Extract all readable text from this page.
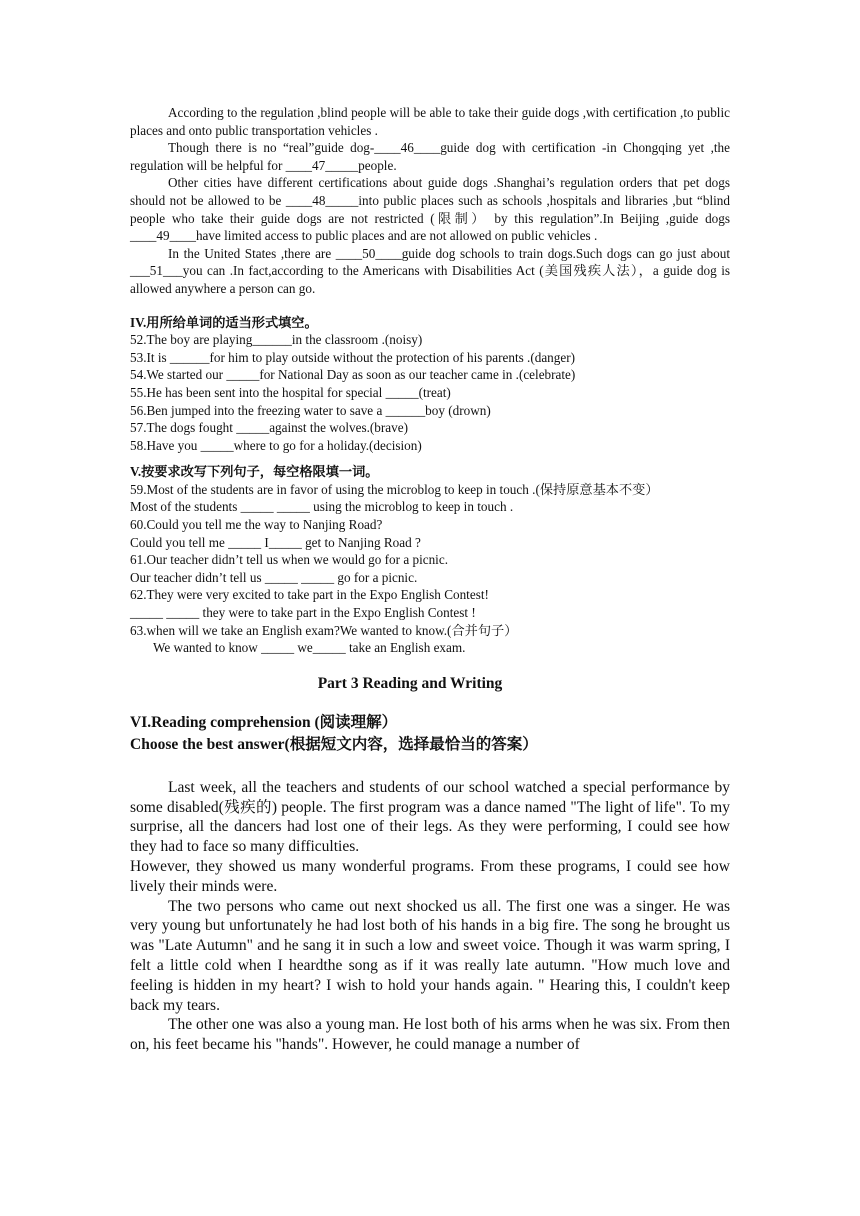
According to the regulation ,blind people will be able to take their guide dogs ,with certification ,to public places and onto public transportation vehicles .

Though there is no “real”guide dog-____46____guide dog with certification -in Chongqing yet ,the regulation will be helpful for ____47_____people.

Other cities have different certifications about guide dogs .Shanghai’s regulation orders that pet dogs should not be allowed to be ____48_____into public places such as schools ,hospitals and libraries ,but “blind people who take their guide dogs are not restricted (限制） by this regulation”.In Beijing ,guide dogs ____49____have limited access to public places and are not allowed on public vehicles .

In the United States ,there are ____50____guide dog schools to train dogs.Such dogs can go just about ___51___you can .In fact,according to the Americans with Disabilities Act (美国残疾人法），a guide dog is allowed anywhere a person can go.

IV.用所给单词的适当形式填空。

52.The boy are playing______in the classroom .(noisy)

53.It is ______for him to play outside without the protection of his parents .(danger)

54.We started our _____for National Day as soon as our teacher came in .(celebrate)

55.He has been sent into the hospital for special _____(treat)

56.Ben jumped into the freezing water to save a ______boy (drown)

57.The dogs fought _____against the wolves.(brave)

58.Have you _____where to go for a holiday.(decision)

V.按要求改写下列句子，每空格限填一词。

59.Most of the students are in favor of using the microblog to keep in touch .(保持原意基本不变）

Most of the students _____ _____ using the microblog to keep in touch .

60.Could you tell me the way to Nanjing Road?

Could you tell me _____ I_____ get to Nanjing Road ?

61.Our teacher didn’t tell us when we would go for a picnic.

Our teacher didn’t tell us _____ _____ go for a picnic.

62.They were very excited to take part in the Expo English Contest!

_____ _____ they were to take part in the Expo English Contest !

63.when will we take an English exam?We wanted to know.(合并句子）

We wanted to know _____ we_____ take an English exam.

Part 3 Reading and Writing

VI.Reading comprehension (阅读理解）

Choose the best answer(根据短文内容，选择最恰当的答案）

Last week, all the teachers and students of our school watched a special performance by some disabled(残疾的) people. The first program was a dance named "The light of life". To my surprise, all the dancers had lost one of their legs. As they were performing, I could see how they had to face so many difficulties.

However, they showed us many wonderful programs. From these programs, I could see how lively their minds were.

The two persons who came out next shocked us all. The first one was a singer. He was very young but unfortunately he had lost both of his hands in a big fire. The song he brought us was "Late Autumn" and he sang it in such a low and sweet voice. Though it was warm spring, I felt a little cold when I heardthe song as if it was really late autumn. "How much love and feeling is hidden in my heart? I wish to hold your hands again. " Hearing this, I couldn't keep back my tears.

The other one was also a young man. He lost both of his arms when he was six. From then on, his feet became his "hands". However, he could manage a number of
